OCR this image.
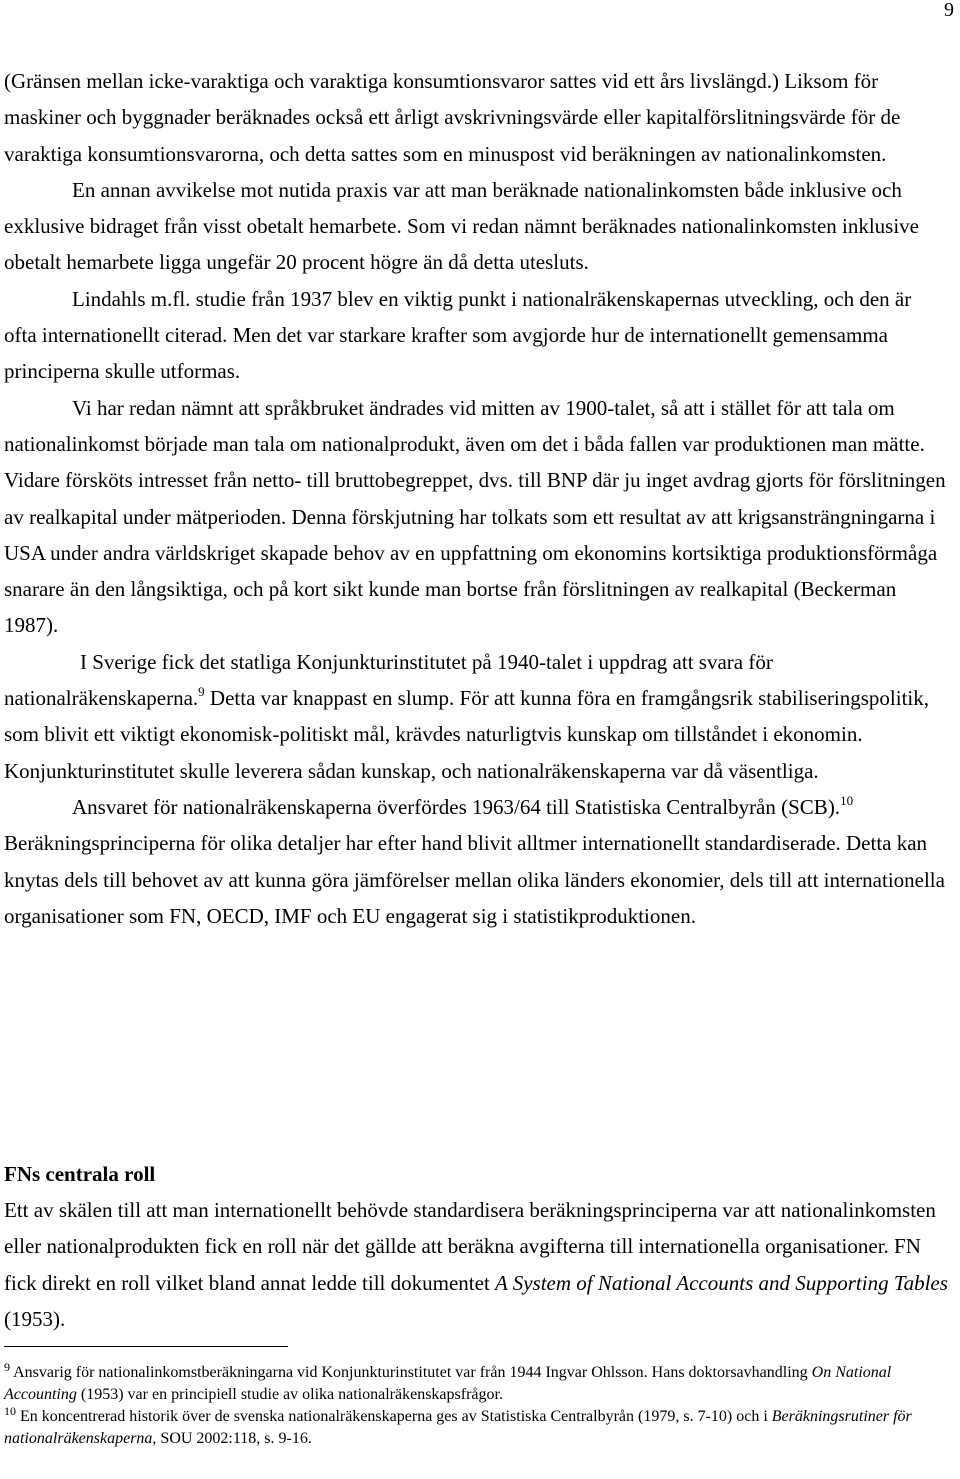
9

(Gränsen mellan icke-varaktiga och varaktiga konsumtionsvaror sattes vid ett års livslängd.) Liksom för maskiner och byggnader beräknades också ett årligt avskrivningsvärde eller kapitalförslitningsvärde för de varaktiga konsumtionsvarorna, och detta sattes som en minuspost vid beräkningen av nationalinkomsten.

En annan avvikelse mot nutida praxis var att man beräknade nationalinkomsten både inklusive och exklusive bidraget från visst obetalt hemarbete. Som vi redan nämnt beräknades nationalinkomsten inklusive obetalt hemarbete ligga ungefär 20 procent högre än då detta utesluts.

Lindahls m.fl. studie från 1937 blev en viktig punkt i nationalräkenskapernas utveckling, och den är ofta internationellt citerad. Men det var starkare krafter som avgjorde hur de internationellt gemensamma principerna skulle utformas.

Vi har redan nämnt att språkbruket ändrades vid mitten av 1900-talet, så att i stället för att tala om nationalinkomst började man tala om nationalprodukt, även om det i båda fallen var produktionen man mätte. Vidare försköts intresset från netto- till bruttobegreppet, dvs. till BNP där ju inget avdrag gjorts för förslitningen av realkapital under mätperioden. Denna förskjutning har tolkats som ett resultat av att krigsansträngningarna i USA under andra världskriget skapade behov av en uppfattning om ekonomins kortsiktiga produktionsförmåga snarare än den långsiktiga, och på kort sikt kunde man bortse från förslitningen av realkapital (Beckerman 1987).

I Sverige fick det statliga Konjunkturinstitutet på 1940-talet i uppdrag att svara för nationalräkenskaperna.$^9$ Detta var knappast en slump. För att kunna föra en framgångsrik stabiliseringspolitik, som blivit ett viktigt ekonomisk-politiskt mål, krävdes naturligtvis kunskap om tillståndet i ekonomin. Konjunkturinstitutet skulle leverera sådan kunskap, och nationalräkenskaperna var då väsentliga.

Ansvaret för nationalräkenskaperna överfördes 1963/64 till Statistiska Centralbyrån (SCB).$^{10}$ Beräkningsprinciperna för olika detaljer har efter hand blivit alltmer internationellt standardiserade. Detta kan knytas dels till behovet av att kunna göra jämförelser mellan olika länders ekonomier, dels till att internationella organisationer som FN, OECD, IMF och EU engagerat sig i statistikproduktionen.

FNs centrala roll

Ett av skälen till att man internationellt behövde standardisera beräkningsprinciperna var att nationalinkomsten eller nationalprodukten fick en roll när det gällde att beräkna avgifterna till internationella organisationer. FN fick direkt en roll vilket bland annat ledde till dokumentet A System of National Accounts and Supporting Tables (1953).

$^9$ Ansvarig för nationalinkomstberäkningarna vid Konjunkturinstitutet var från 1944 Ingvar Ohlsson. Hans doktorsavhandling On National Accounting (1953) var en principiell studie av olika nationalräkenskapsfrågor.

$^{10}$ En koncentrerad historik över de svenska nationalräkenskaperna ges av Statistiska Centralbyrån (1979, s. 7-10) och i Beräkningsrutiner för nationalräkenskaperna, SOU 2002:118, s. 9-16.
